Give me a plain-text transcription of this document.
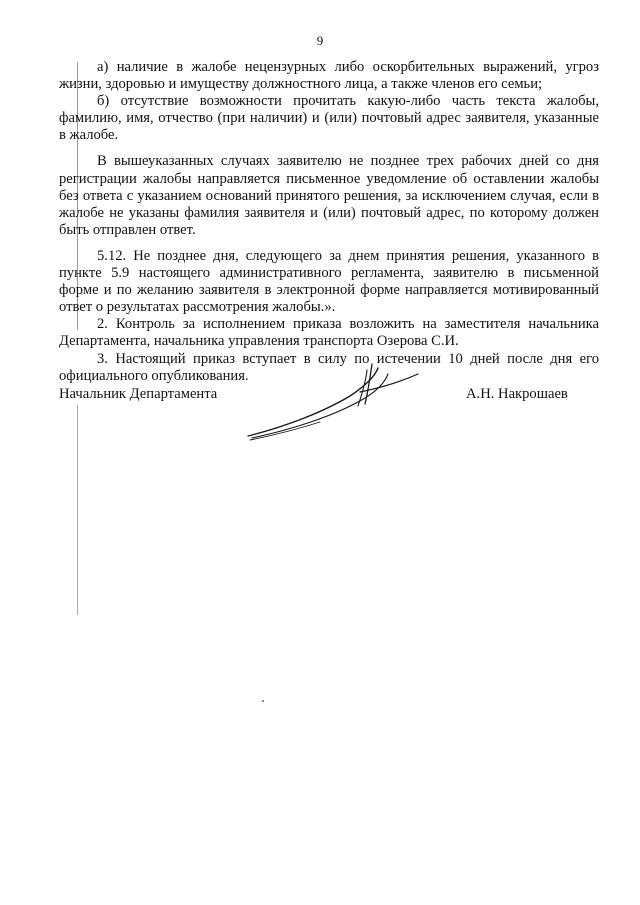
9

а) наличие в жалобе нецензурных либо оскорбительных выражений, угроз жизни, здоровью и имуществу должностного лица, а также членов его семьи;

б) отсутствие возможности прочитать какую-либо часть текста жалобы, фамилию, имя, отчество (при наличии) и (или) почтовый адрес заявителя, указанные в жалобе.

В вышеуказанных случаях заявителю не позднее трех рабочих дней со дня регистрации жалобы направляется письменное уведомление об оставлении жалобы без ответа с указанием оснований принятого решения, за исключением случая, если в жалобе не указаны фамилия заявителя и (или) почтовый адрес, по которому должен быть отправлен ответ.

5.12. Не позднее дня, следующего за днем принятия решения, указанного в пункте 5.9 настоящего административного регламента, заявителю в письменной форме и по желанию заявителя в электронной форме направляется мотивированный ответ о результатах рассмотрения жалобы.».

2. Контроль за исполнением приказа возложить на заместителя начальника Департамента, начальника управления транспорта Озерова С.И.

3. Настоящий приказ вступает в силу по истечении 10 дней после дня его официального опубликования.

Начальник Департамента	А.Н. Накрошаев
